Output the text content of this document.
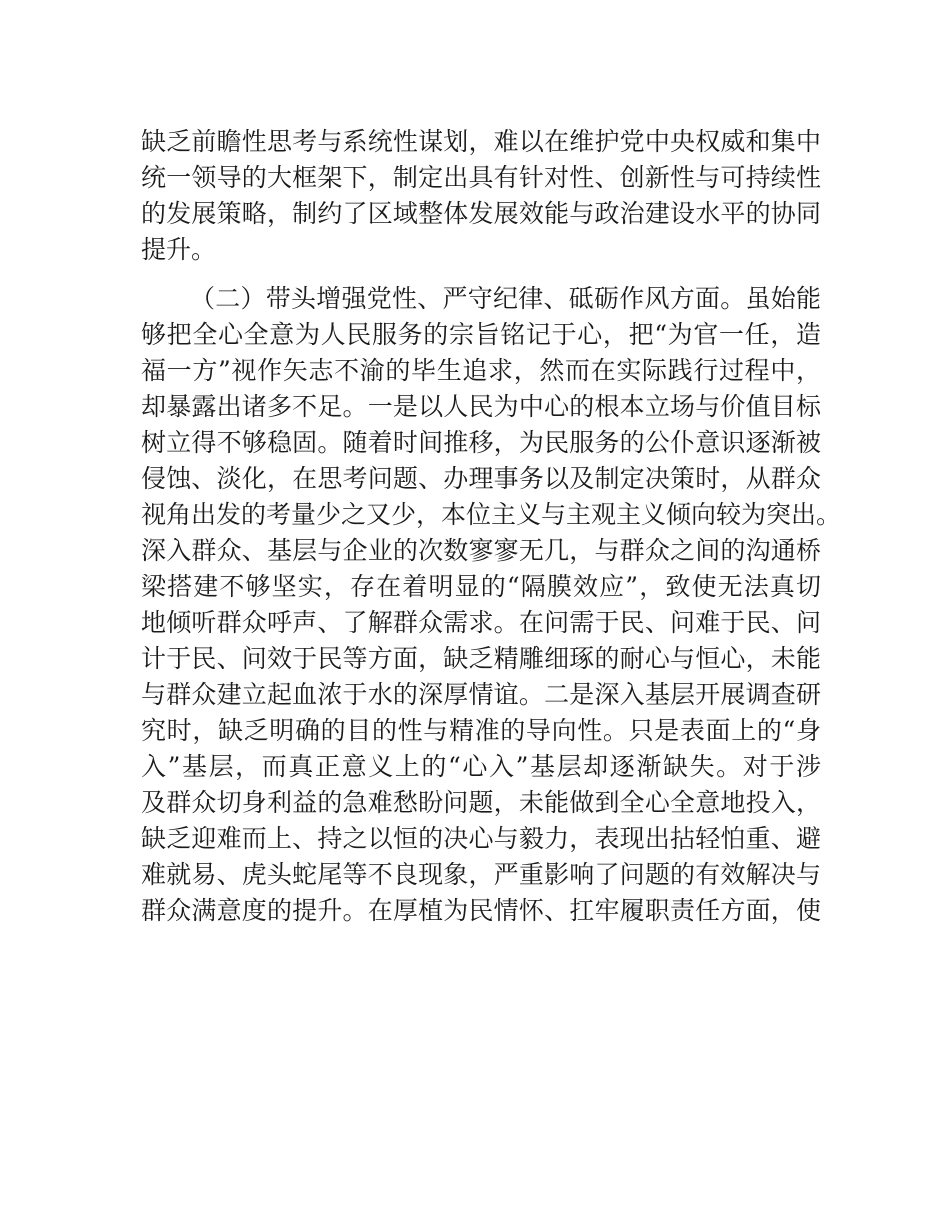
缺乏前瞻性思考与系统性谋划，难以在维护党中央权威和集中
统一领导的大框架下，制定出具有针对性、创新性与可持续性
的发展策略，制约了区域整体发展效能与政治建设水平的协同
提升。
（二）带头增强党性、严守纪律、砥砺作风方面。虽始能
够把全心全意为人民服务的宗旨铭记于心，把“为官一任，造
福一方”视作矢志不渝的毕生追求，然而在实际践行过程中，
却暴露出诸多不足。一是以人民为中心的根本立场与价值目标
树立得不够稳固。随着时间推移，为民服务的公仆意识逐渐被
侵蚀、淡化，在思考问题、办理事务以及制定决策时，从群众
视角出发的考量少之又少，本位主义与主观主义倾向较为突出。
深入群众、基层与企业的次数寥寥无几，与群众之间的沟通桥
梁搭建不够坚实，存在着明显的“隔膜效应”，致使无法真切
地倾听群众呼声、了解群众需求。在问需于民、问难于民、问
计于民、问效于民等方面，缺乏精雕细琢的耐心与恒心，未能
与群众建立起血浓于水的深厚情谊。二是深入基层开展调查研
究时，缺乏明确的目的性与精准的导向性。只是表面上的“身
入”基层，而真正意义上的“心入”基层却逐渐缺失。对于涉
及群众切身利益的急难愁盼问题，未能做到全心全意地投入，
缺乏迎难而上、持之以恒的决心与毅力，表现出拈轻怕重、避
难就易、虎头蛇尾等不良现象，严重影响了问题的有效解决与
群众满意度的提升。在厚植为民情怀、扛牢履职责任方面，使
